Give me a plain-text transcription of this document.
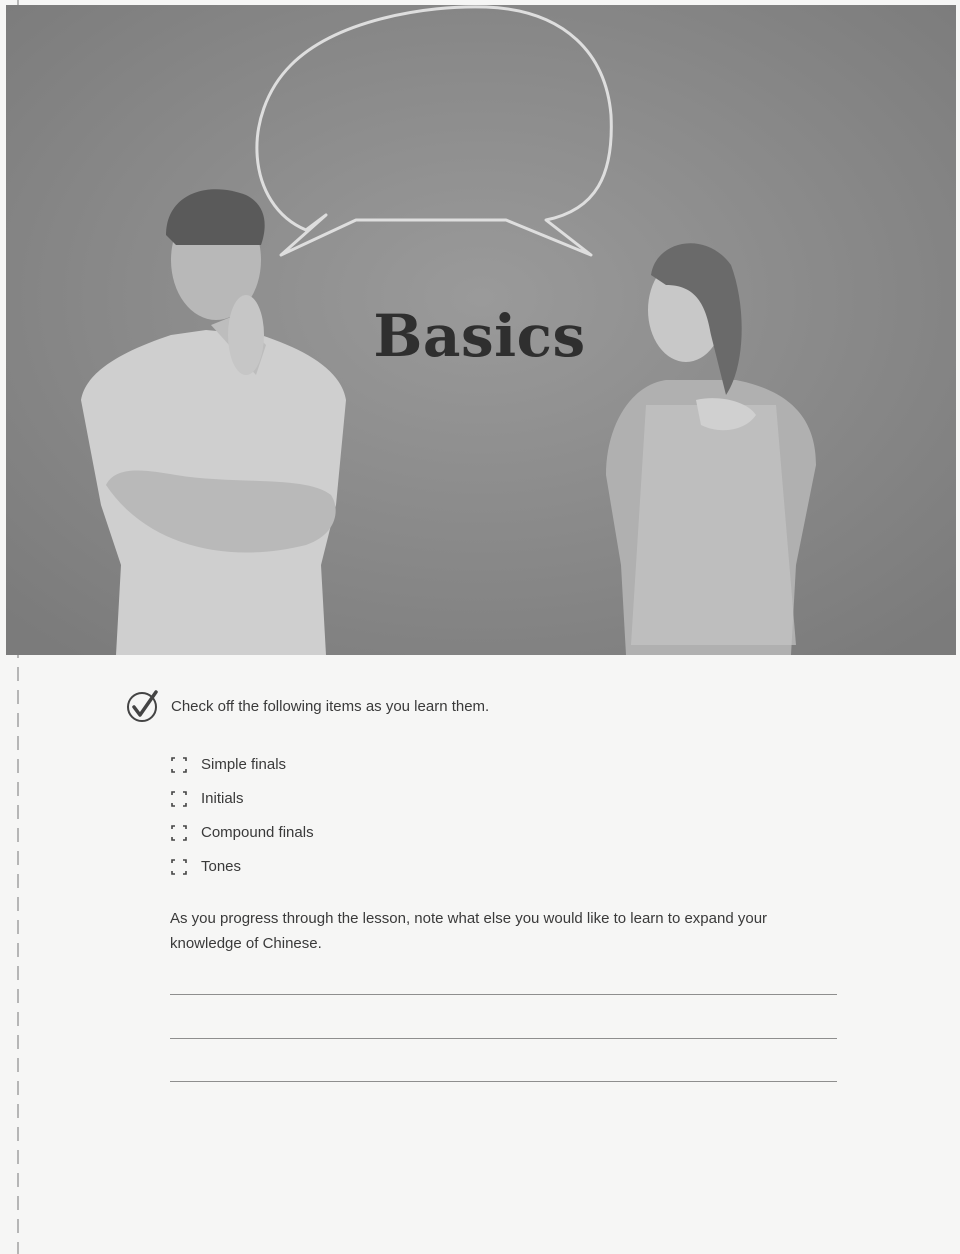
Basics
Check off the following items as you learn them.
Simple finals
Initials
Compound finals
Tones

As you progress through the lesson, note what else you would like to learn to expand your knowledge of Chinese.
